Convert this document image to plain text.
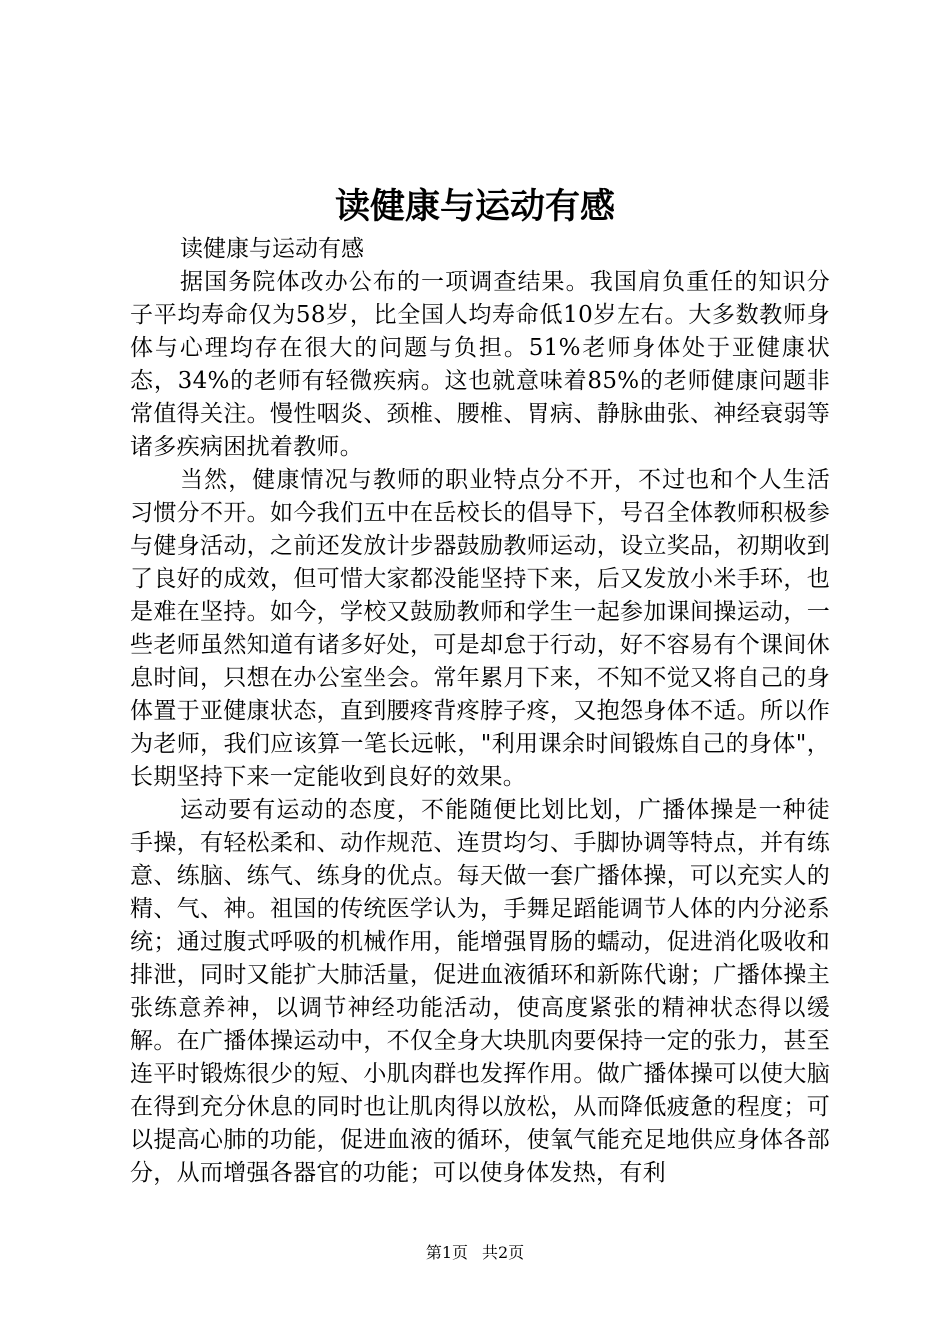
读健康与运动有感

读健康与运动有感

据国务院体改办公布的一项调查结果。我国肩负重任的知识分子平均寿命仅为58岁，比全国人均寿命低10岁左右。大多数教师身体与心理均存在很大的问题与负担。51%老师身体处于亚健康状态，34%的老师有轻微疾病。这也就意味着85%的老师健康问题非常值得关注。慢性咽炎、颈椎、腰椎、胃病、静脉曲张、神经衰弱等诸多疾病困扰着教师。

当然，健康情况与教师的职业特点分不开，不过也和个人生活习惯分不开。如今我们五中在岳校长的倡导下，号召全体教师积极参与健身活动，之前还发放计步器鼓励教师运动，设立奖品，初期收到了良好的成效，但可惜大家都没能坚持下来，后又发放小米手环，也是难在坚持。如今，学校又鼓励教师和学生一起参加课间操运动，一些老师虽然知道有诸多好处，可是却怠于行动，好不容易有个课间休息时间，只想在办公室坐会。常年累月下来，不知不觉又将自己的身体置于亚健康状态，直到腰疼背疼脖子疼，又抱怨身体不适。所以作为老师，我们应该算一笔长远帐，"利用课余时间锻炼自己的身体"，长期坚持下来一定能收到良好的效果。

运动要有运动的态度，不能随便比划比划，广播体操是一种徒手操，有轻松柔和、动作规范、连贯均匀、手脚协调等特点，并有练意、练脑、练气、练身的优点。每天做一套广播体操，可以充实人的精、气、神。祖国的传统医学认为，手舞足蹈能调节人体的内分泌系统；通过腹式呼吸的机械作用，能增强胃肠的蠕动，促进消化吸收和排泄，同时又能扩大肺活量，促进血液循环和新陈代谢；广播体操主张练意养神，以调节神经功能活动，使高度紧张的精神状态得以缓解。在广播体操运动中，不仅全身大块肌肉要保持一定的张力，甚至连平时锻炼很少的短、小肌肉群也发挥作用。做广播体操可以使大脑在得到充分休息的同时也让肌肉得以放松，从而降低疲惫的程度；可以提高心肺的功能，促进血液的循环，使氧气能充足地供应身体各部分，从而增强各器官的功能；可以使身体发热，有利

第1页 共2页
